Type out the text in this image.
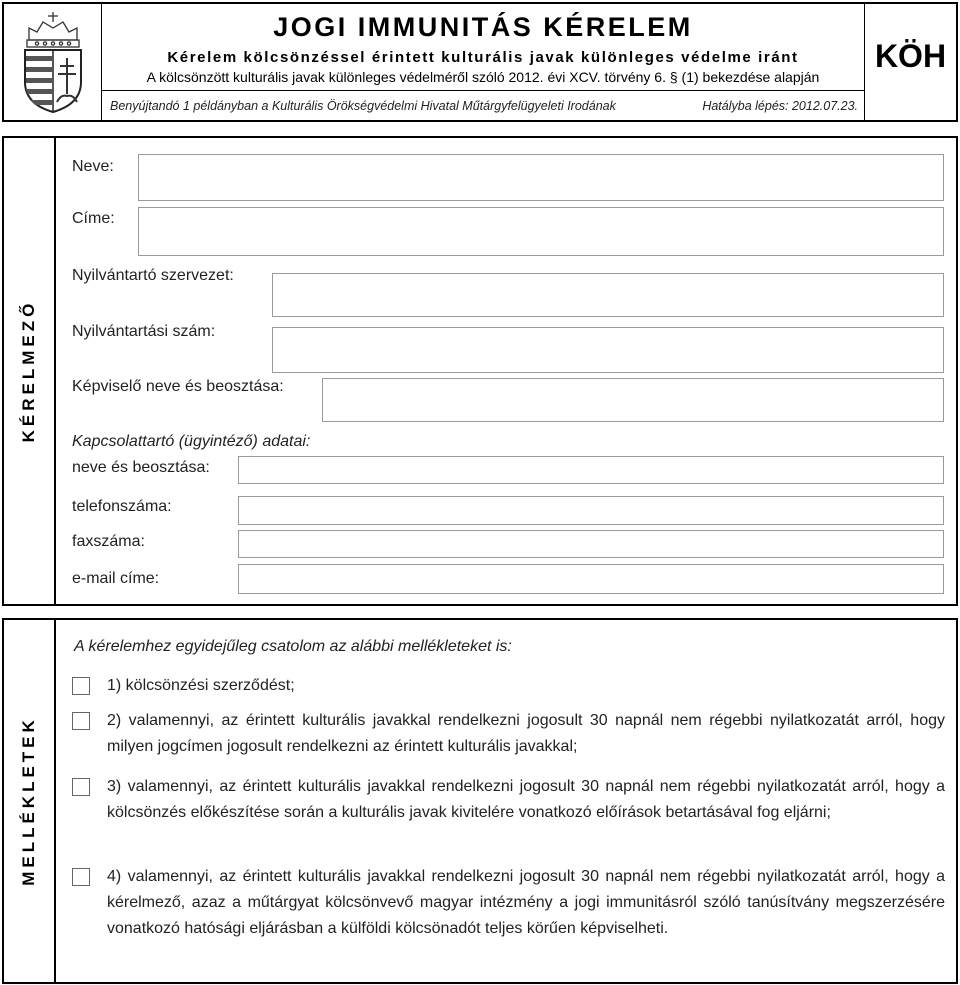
JOGI IMMUNITÁS KÉRELEM
Kérelem kölcsönzéssel érintett kulturális javak különleges védelme iránt
A kölcsönzött kulturális javak különleges védelméről szóló 2012. évi XCV. törvény 6. § (1) bekezdése alapján
Benyújtandó 1 példányban a Kulturális Örökségvédelmi Hivatal Műtárgyfelügyeleti Irodának	Hatályba lépés: 2012.07.23.
KÖH
KÉRELMEZŐ
Neve:
Címe:
Nyilvántartó szervezet:
Nyilvántartási szám:
Képviselő neve és beosztása:
Kapcsolattartó (ügyintéző) adatai:
neve és beosztása:
telefonszáma:
faxszáma:
e-mail címe:
MELLÉKLETEK
A kérelemhez egyidejűleg csatolom az alábbi mellékleteket is:
1) kölcsönzési szerződést;
2) valamennyi, az érintett kulturális javakkal rendelkezni jogosult 30 napnál nem régebbi nyilatkozatát arról, hogy milyen jogcímen jogosult rendelkezni az érintett kulturális javakkal;
3) valamennyi, az érintett kulturális javakkal rendelkezni jogosult 30 napnál nem régebbi nyilatkozatát arról, hogy a kölcsönzés előkészítése során a kulturális javak kivitelére vonatkozó előírások betartásával fog eljárni;
4) valamennyi, az érintett kulturális javakkal rendelkezni jogosult 30 napnál nem régebbi nyilatkozatát arról, hogy a kérelmező, azaz a műtárgyat kölcsönvevő magyar intézmény a jogi immunitásról szóló tanúsítvány megszerzésére vonatkozó hatósági eljárásban a külföldi kölcsönadót teljes körűen képviselheti.
